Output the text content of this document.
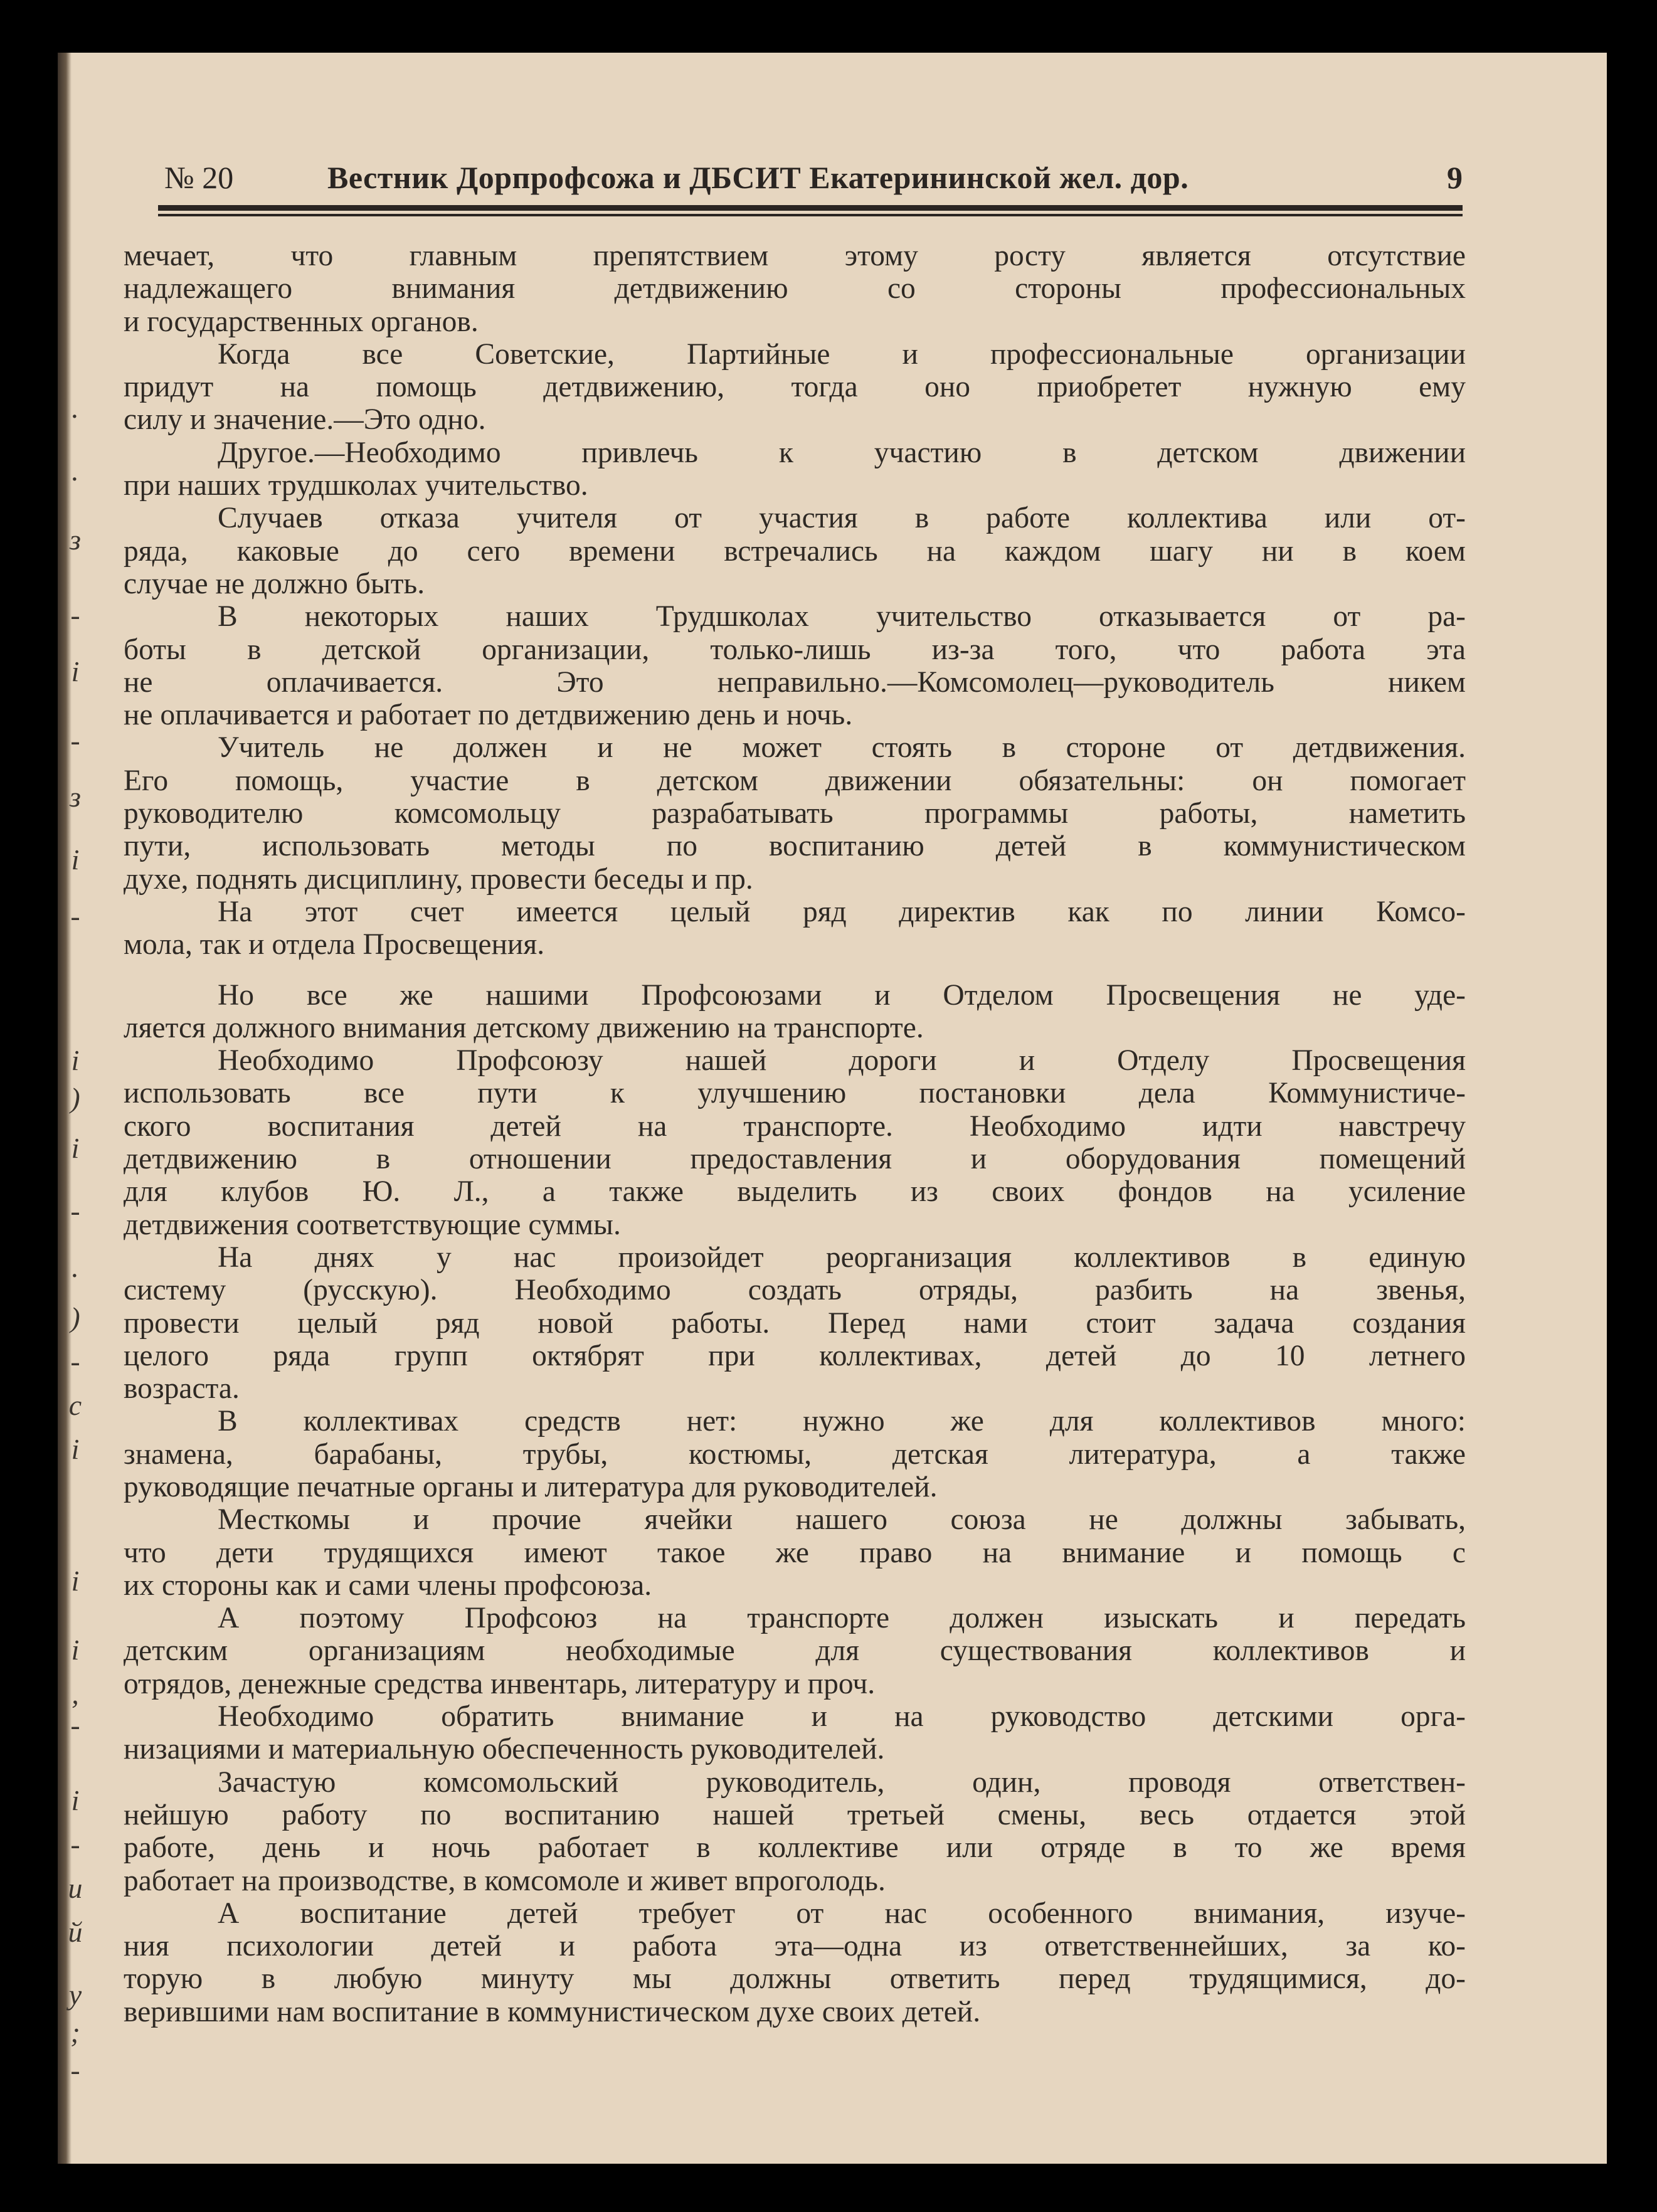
.
.
з
-
і
-
з
і
-
і
)
і
-
.
)
-
с
і
і
і
,
-
і
-
и
й
у
;
-
№ 20	Вестник Дорпрофсожа и ДБСИТ Екатерининской жел. дор.	9
мечает, что главным препятствием этому росту является отсутствие
надлежащего внимания детдвижению со стороны профессиональных
и государственных органов.
Когда все Советские, Партийные и профессиональные организации
придут на помощь детдвижению, тогда оно приобретет нужную ему
силу и значение.—Это одно.
Другое.—Необходимо привлечь к участию в детском движении
при наших трудшколах учительство.
Случаев отказа учителя от участия в работе коллектива или от-
ряда, каковые до сего времени встречались на каждом шагу ни в коем
случае не должно быть.
В некоторых наших Трудшколах учительство отказывается от ра-
боты в детской организации, только-лишь из-за того, что работа эта
не оплачивается. Это неправильно.—Комсомолец—руководитель никем
не оплачивается и работает по детдвижению день и ночь.
Учитель не должен и не может стоять в стороне от детдвижения.
Его помощь, участие в детском движении обязательны: он помогает
руководителю комсомольцу разрабатывать программы работы, наметить
пути, использовать методы по воспитанию детей в коммунистическом
духе, поднять дисциплину, провести беседы и пр.
На этот счет имеется целый ряд директив как по линии Комсо-
мола, так и отдела Просвещения.
Но все же нашими Профсоюзами и Отделом Просвещения не уде-
ляется должного внимания детскому движению на транспорте.
Необходимо Профсоюзу нашей дороги и Отделу Просвещения
использовать все пути к улучшению постановки дела Коммунистиче-
ского воспитания детей на транспорте. Необходимо идти навстречу
детдвижению в отношении предоставления и оборудования помещений
для клубов Ю. Л., а также выделить из своих фондов на усиление
детдвижения соответствующие суммы.
На днях у нас произойдет реорганизация коллективов в единую
систему (русскую). Необходимо создать отряды, разбить на звенья,
провести целый ряд новой работы. Перед нами стоит задача создания
целого ряда групп октябрят при коллективах, детей до 10 летнего
возраста.
В коллективах средств нет: нужно же для коллективов много:
знамена, барабаны, трубы, костюмы, детская литература, а также
руководящие печатные органы и литература для руководителей.
Месткомы и прочие ячейки нашего союза не должны забывать,
что дети трудящихся имеют такое же право на внимание и помощь с
их стороны как и сами члены профсоюза.
А поэтому Профсоюз на транспорте должен изыскать и передать
детским организациям необходимые для существования коллективов и
отрядов, денежные средства инвентарь, литературу и проч.
Необходимо обратить внимание и на руководство детскими орга-
низациями и материальную обеспеченность руководителей.
Зачастую комсомольский руководитель, один, проводя ответствен-
нейшую работу по воспитанию нашей третьей смены, весь отдается этой
работе, день и ночь работает в коллективе или отряде в то же время
работает на производстве, в комсомоле и живет впроголодь.
А воспитание детей требует от нас особенного внимания, изуче-
ния психологии детей и работа эта—одна из ответственнейших, за ко-
торую в любую минуту мы должны ответить перед трудящимися, до-
верившими нам воспитание в коммунистическом духе своих детей.
